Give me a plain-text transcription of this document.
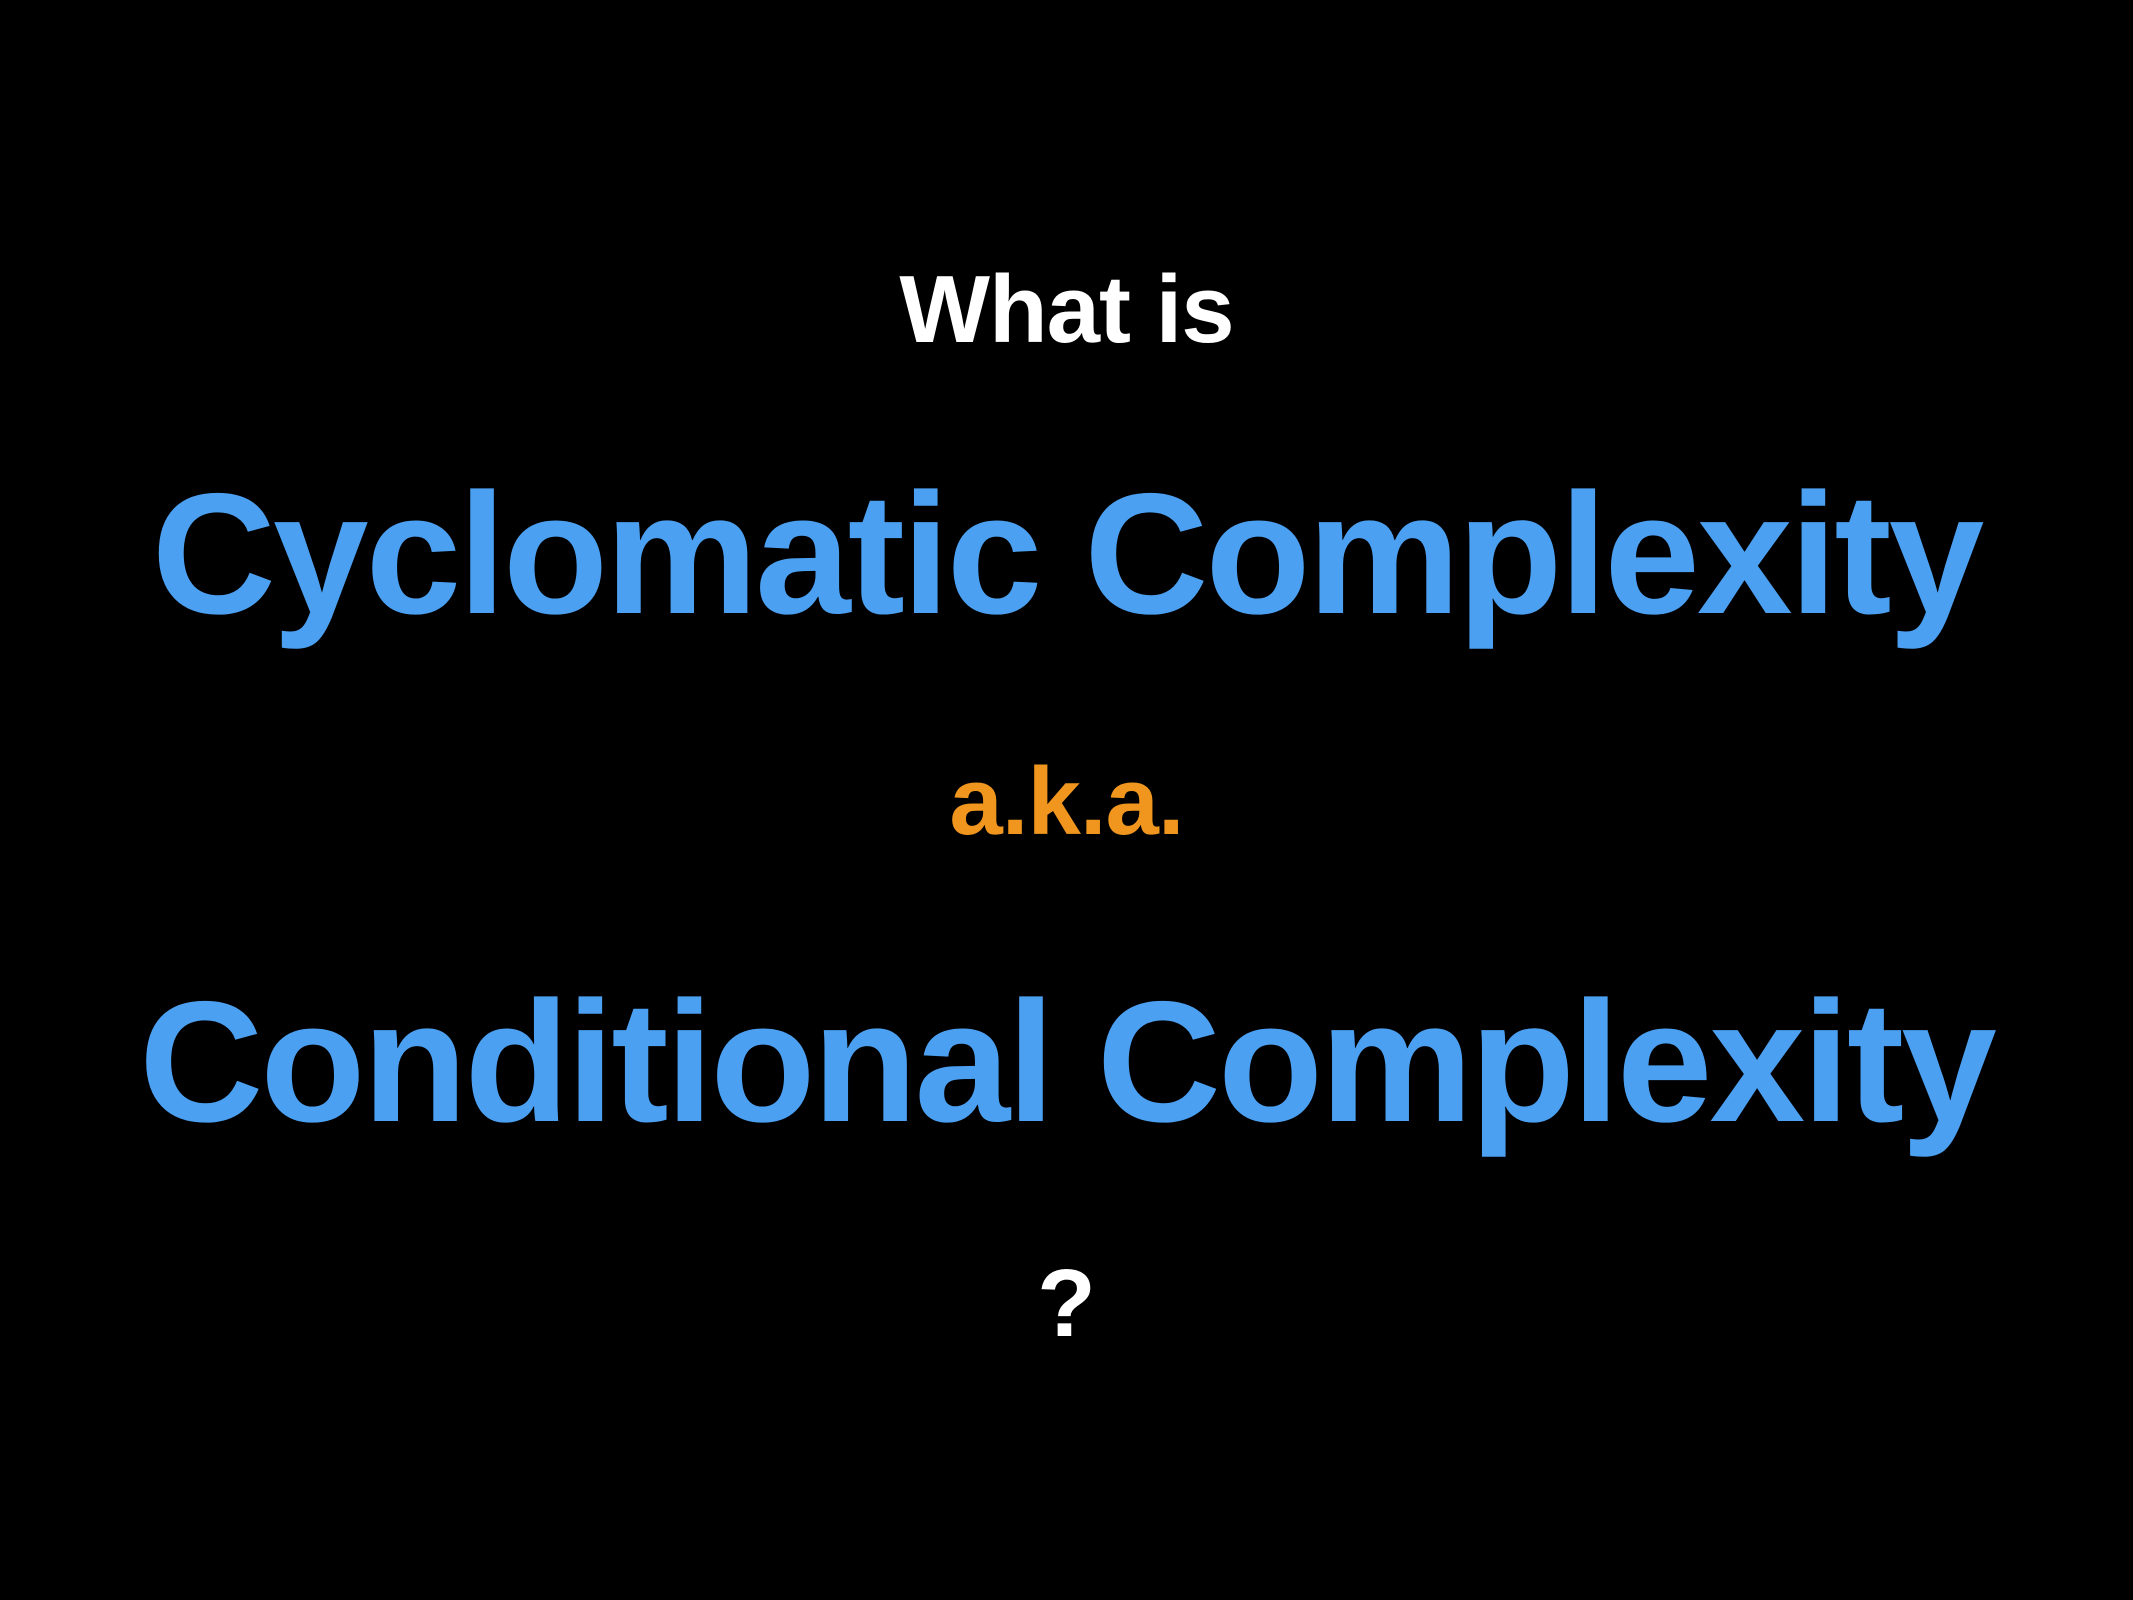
What is
Cyclomatic Complexity
a.k.a.
Conditional Complexity
?
